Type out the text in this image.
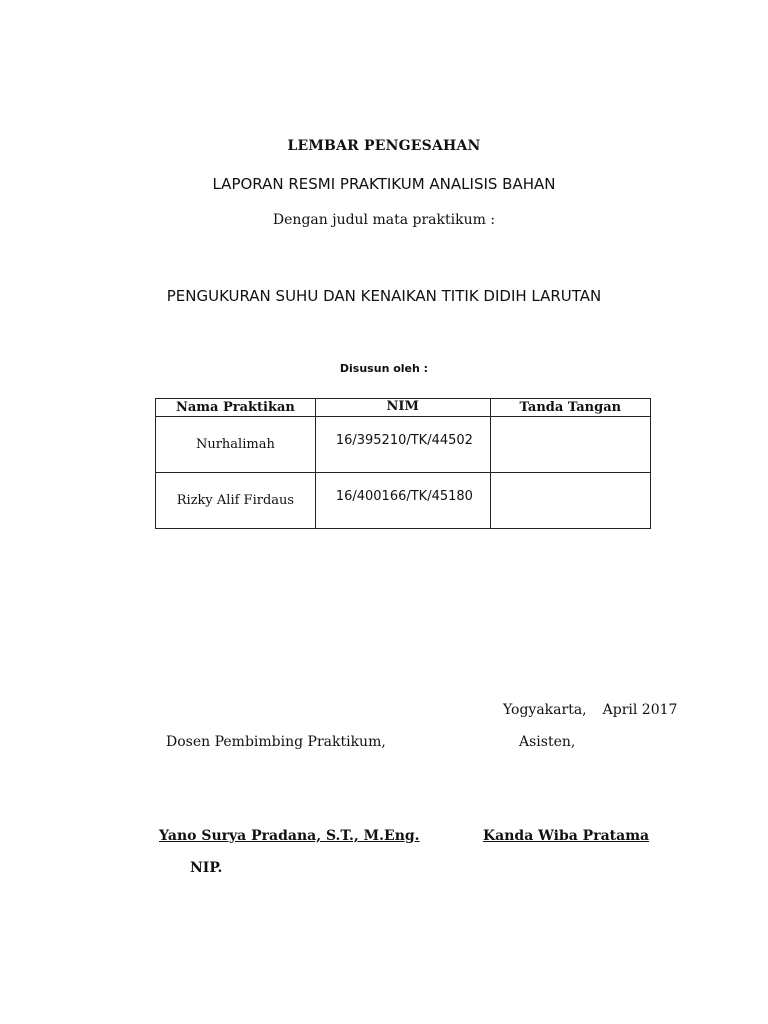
LEMBAR PENGESAHAN
LAPORAN RESMI PRAKTIKUM ANALISIS BAHAN
Dengan judul mata praktikum :
PENGUKURAN SUHU DAN KENAIKAN TITIK DIDIH LARUTAN
Disusun oleh :
Nama Praktikan	NIM	Tanda Tangan
Nurhalimah	16/395210/TK/44502	
Rizky Alif Firdaus	16/400166/TK/45180	
Yogyakarta, April 2017
Dosen Pembimbing Praktikum,	Asisten,
Yano Surya Pradana, S.T., M.Eng.	Kanda Wiba Pratama
NIP.
